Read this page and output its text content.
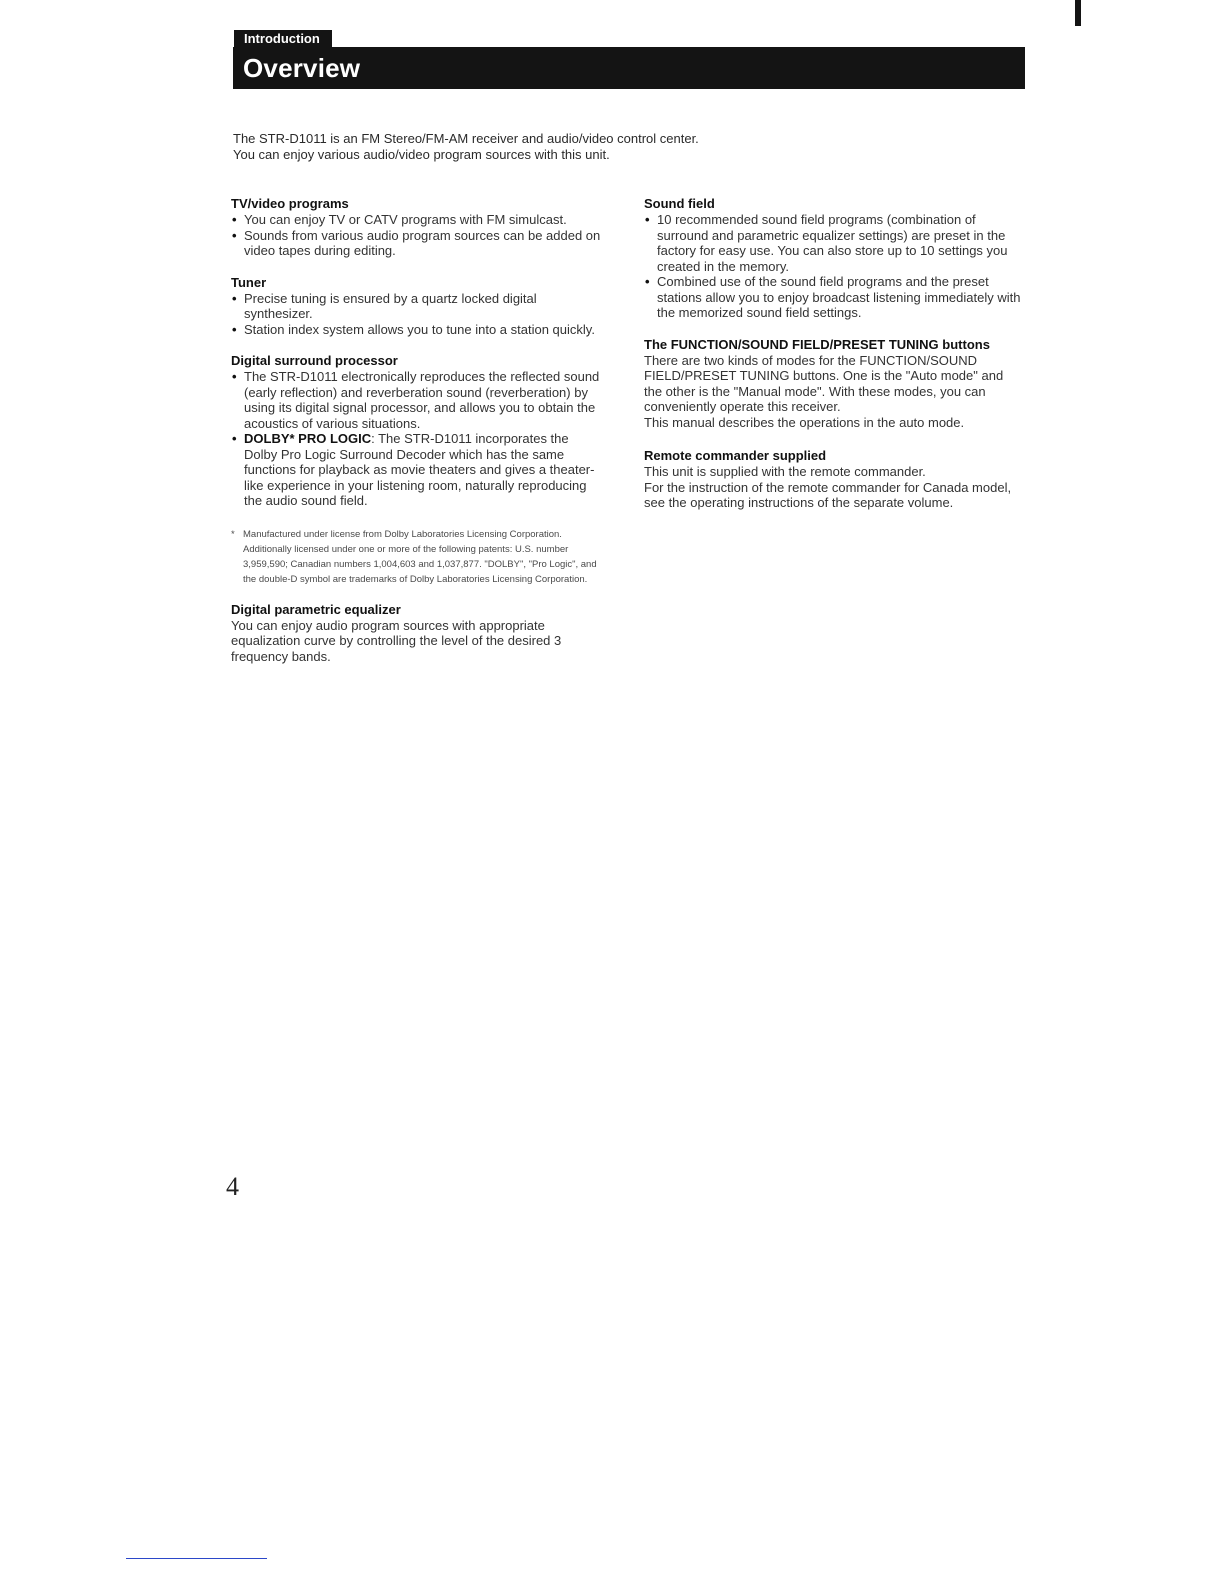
Introduction
Overview

The STR-D1011 is an FM Stereo/FM-AM receiver and audio/video control center.

You can enjoy various audio/video program sources with this unit.

TV/video programs
• You can enjoy TV or CATV programs with FM simulcast.
• Sounds from various audio program sources can be added on video tapes during editing.
Tuner
• Precise tuning is ensured by a quartz locked digital synthesizer.
• Station index system allows you to tune into a station quickly.
Digital surround processor
• The STR-D1011 electronically reproduces the reflected sound (early reflection) and reverberation sound (reverberation) by using its digital signal processor, and allows you to obtain the acoustics of various situations.
• DOLBY* PRO LOGIC: The STR-D1011 incorporates the Dolby Pro Logic Surround Decoder which has the same functions for playback as movie theaters and gives a theater-like experience in your listening room, naturally reproducing the audio sound field.
* Manufactured under license from Dolby Laboratories Licensing Corporation. Additionally licensed under one or more of the following patents: U.S. number 3,959,590; Canadian numbers 1,004,603 and 1,037,877. "DOLBY", "Pro Logic", and the double-D symbol are trademarks of Dolby Laboratories Licensing Corporation.
Digital parametric equalizer

You can enjoy audio program sources with appropriate equalization curve by controlling the level of the desired 3 frequency bands.

Sound field
• 10 recommended sound field programs (combination of surround and parametric equalizer settings) are preset in the factory for easy use. You can also store up to 10 settings you created in the memory.
• Combined use of the sound field programs and the preset stations allow you to enjoy broadcast listening immediately with the memorized sound field settings.
The FUNCTION/SOUND FIELD/PRESET TUNING buttons

There are two kinds of modes for the FUNCTION/SOUND FIELD/PRESET TUNING buttons. One is the "Auto mode" and the other is the "Manual mode". With these modes, you can conveniently operate this receiver.

This manual describes the operations in the auto mode.

Remote commander supplied

This unit is supplied with the remote commander.

For the instruction of the remote commander for Canada model, see the operating instructions of the separate volume.

4
